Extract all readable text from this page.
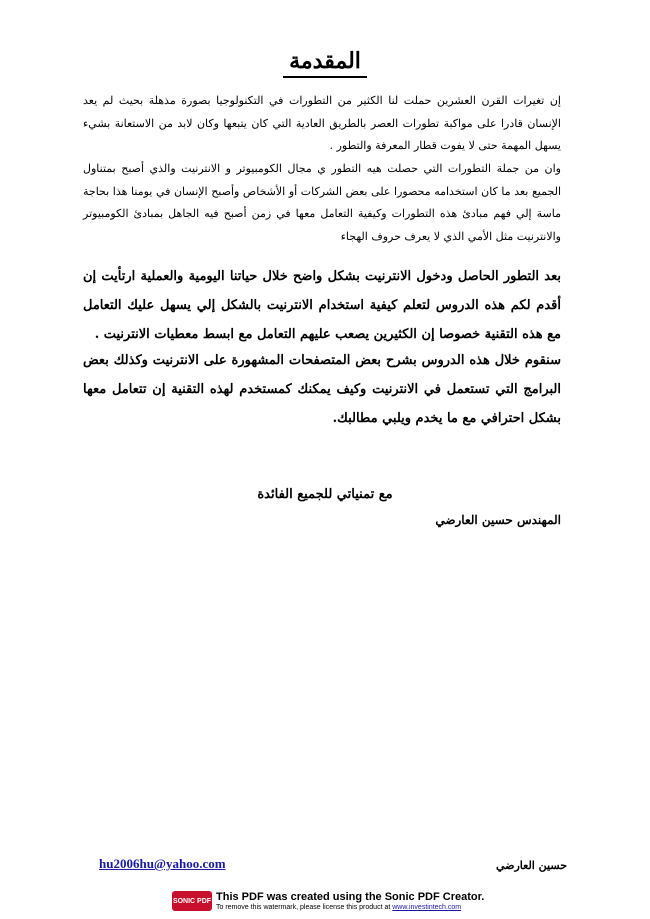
المقدمة

إن تغيرات القرن العشرين حملت لنا الكثير من التطورات في التكنولوجيا بصورة مذهلة بحيث لم يعد الإنسان قادرا على مواكبة تطورات العصر بالطريق العادية التي كان يتبعها وكان لابد من الاستعانة بشيء يسهل المهمة حتى لا يفوت قطار المعرفة والتطور .

وان من جملة التطورات التي حصلت هيه التطور ي مجال الكومبيوتر و الانترنيت والذي أصبح بمتناول الجميع بعد ما كان استخدامه محصورا على بعض الشركات أو الأشخاص وأصبح الإنسان في يومنا هذا بحاجة ماسة إلي فهم مبادئ هذه التطورات وكيفية التعامل معها في زمن أصبح فيه الجاهل بمبادئ الكومبيوتر والانترنيت مثل الأمي الذي لا يعرف حروف الهجاء

بعد التطور الحاصل ودخول الانترنيت بشكل واضح خلال حياتنا اليومية والعملية ارتأيت إن أقدم لكم هذه الدروس لتعلم كيفية استخدام الانترنيت بالشكل إلي يسهل عليك التعامل مع هذه التقنية خصوصا إن الكثيرين يصعب عليهم التعامل مع ابسط معطيات الانترنيت .

سنقوم خلال هذه الدروس بشرح بعض المتصفحات المشهورة على الانترنيت وكذلك بعض البرامج التي تستعمل في الانترنيت وكيف يمكنك كمستخدم لهذه التقنية إن تتعامل معها بشكل احترافي مع ما يخدم ويلبي مطالبك.

مع تمنياتي للجميع الفائدة
المهندس حسين العارضي
hu2006hu@yahoo.com	حسين العارضي
SONIC PDF This PDF was created using the Sonic PDF Creator.
To remove this watermark, please license this product at www.investintech.com
